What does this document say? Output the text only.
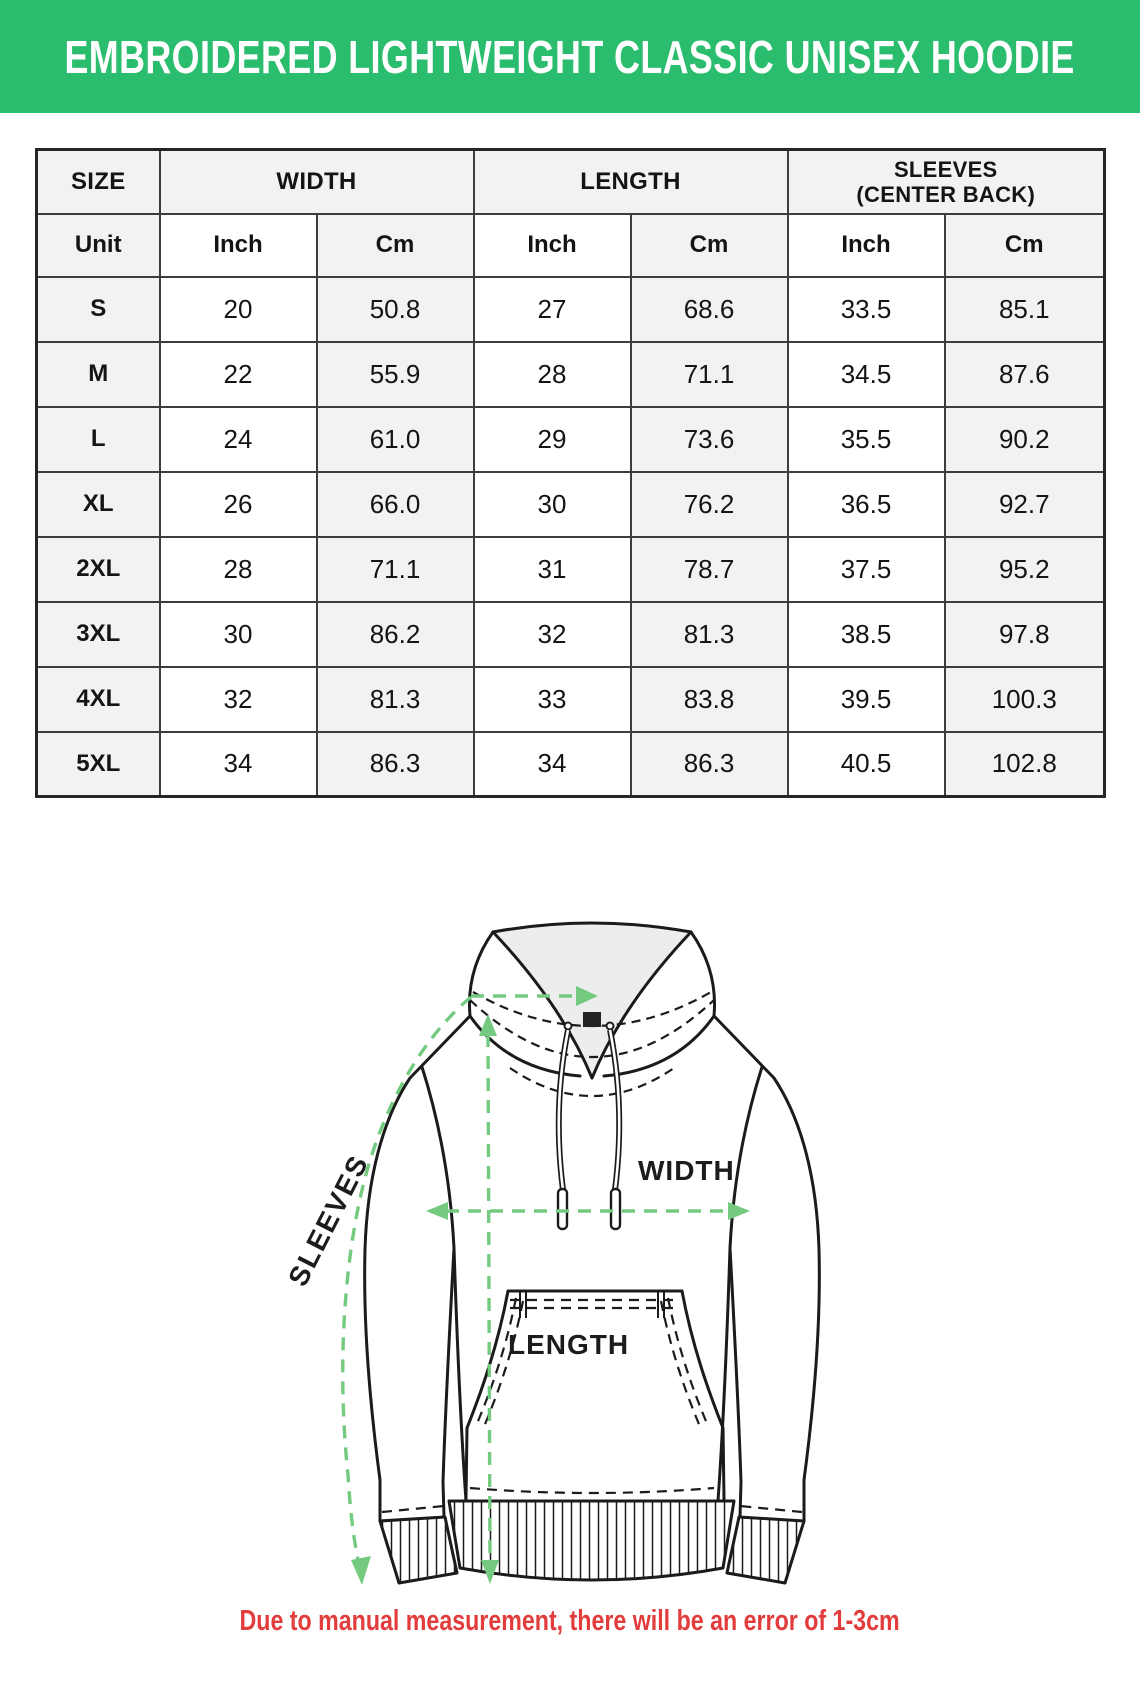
EMBROIDERED LIGHTWEIGHT CLASSIC UNISEX HOODIE
SIZE	WIDTH		LENGTH		SLEEVES
(CENTER BACK)	

Unit	Inch	Cm	Inch	Cm	Inch	Cm
S	20	50.8	27	68.6	33.5	85.1
M	22	55.9	28	71.1	34.5	87.6
L	24	61.0	29	73.6	35.5	90.2
XL	26	66.0	30	76.2	36.5	92.7
2XL	28	71.1	31	78.7	37.5	95.2
3XL	30	86.2	32	81.3	38.5	97.8
4XL	32	81.3	33	83.8	39.5	100.3
5XL	34	86.3	34	86.3	40.5	102.8
WIDTH
LENGTH
SLEEVES
Due to manual measurement, there will be an error of 1-3cm
